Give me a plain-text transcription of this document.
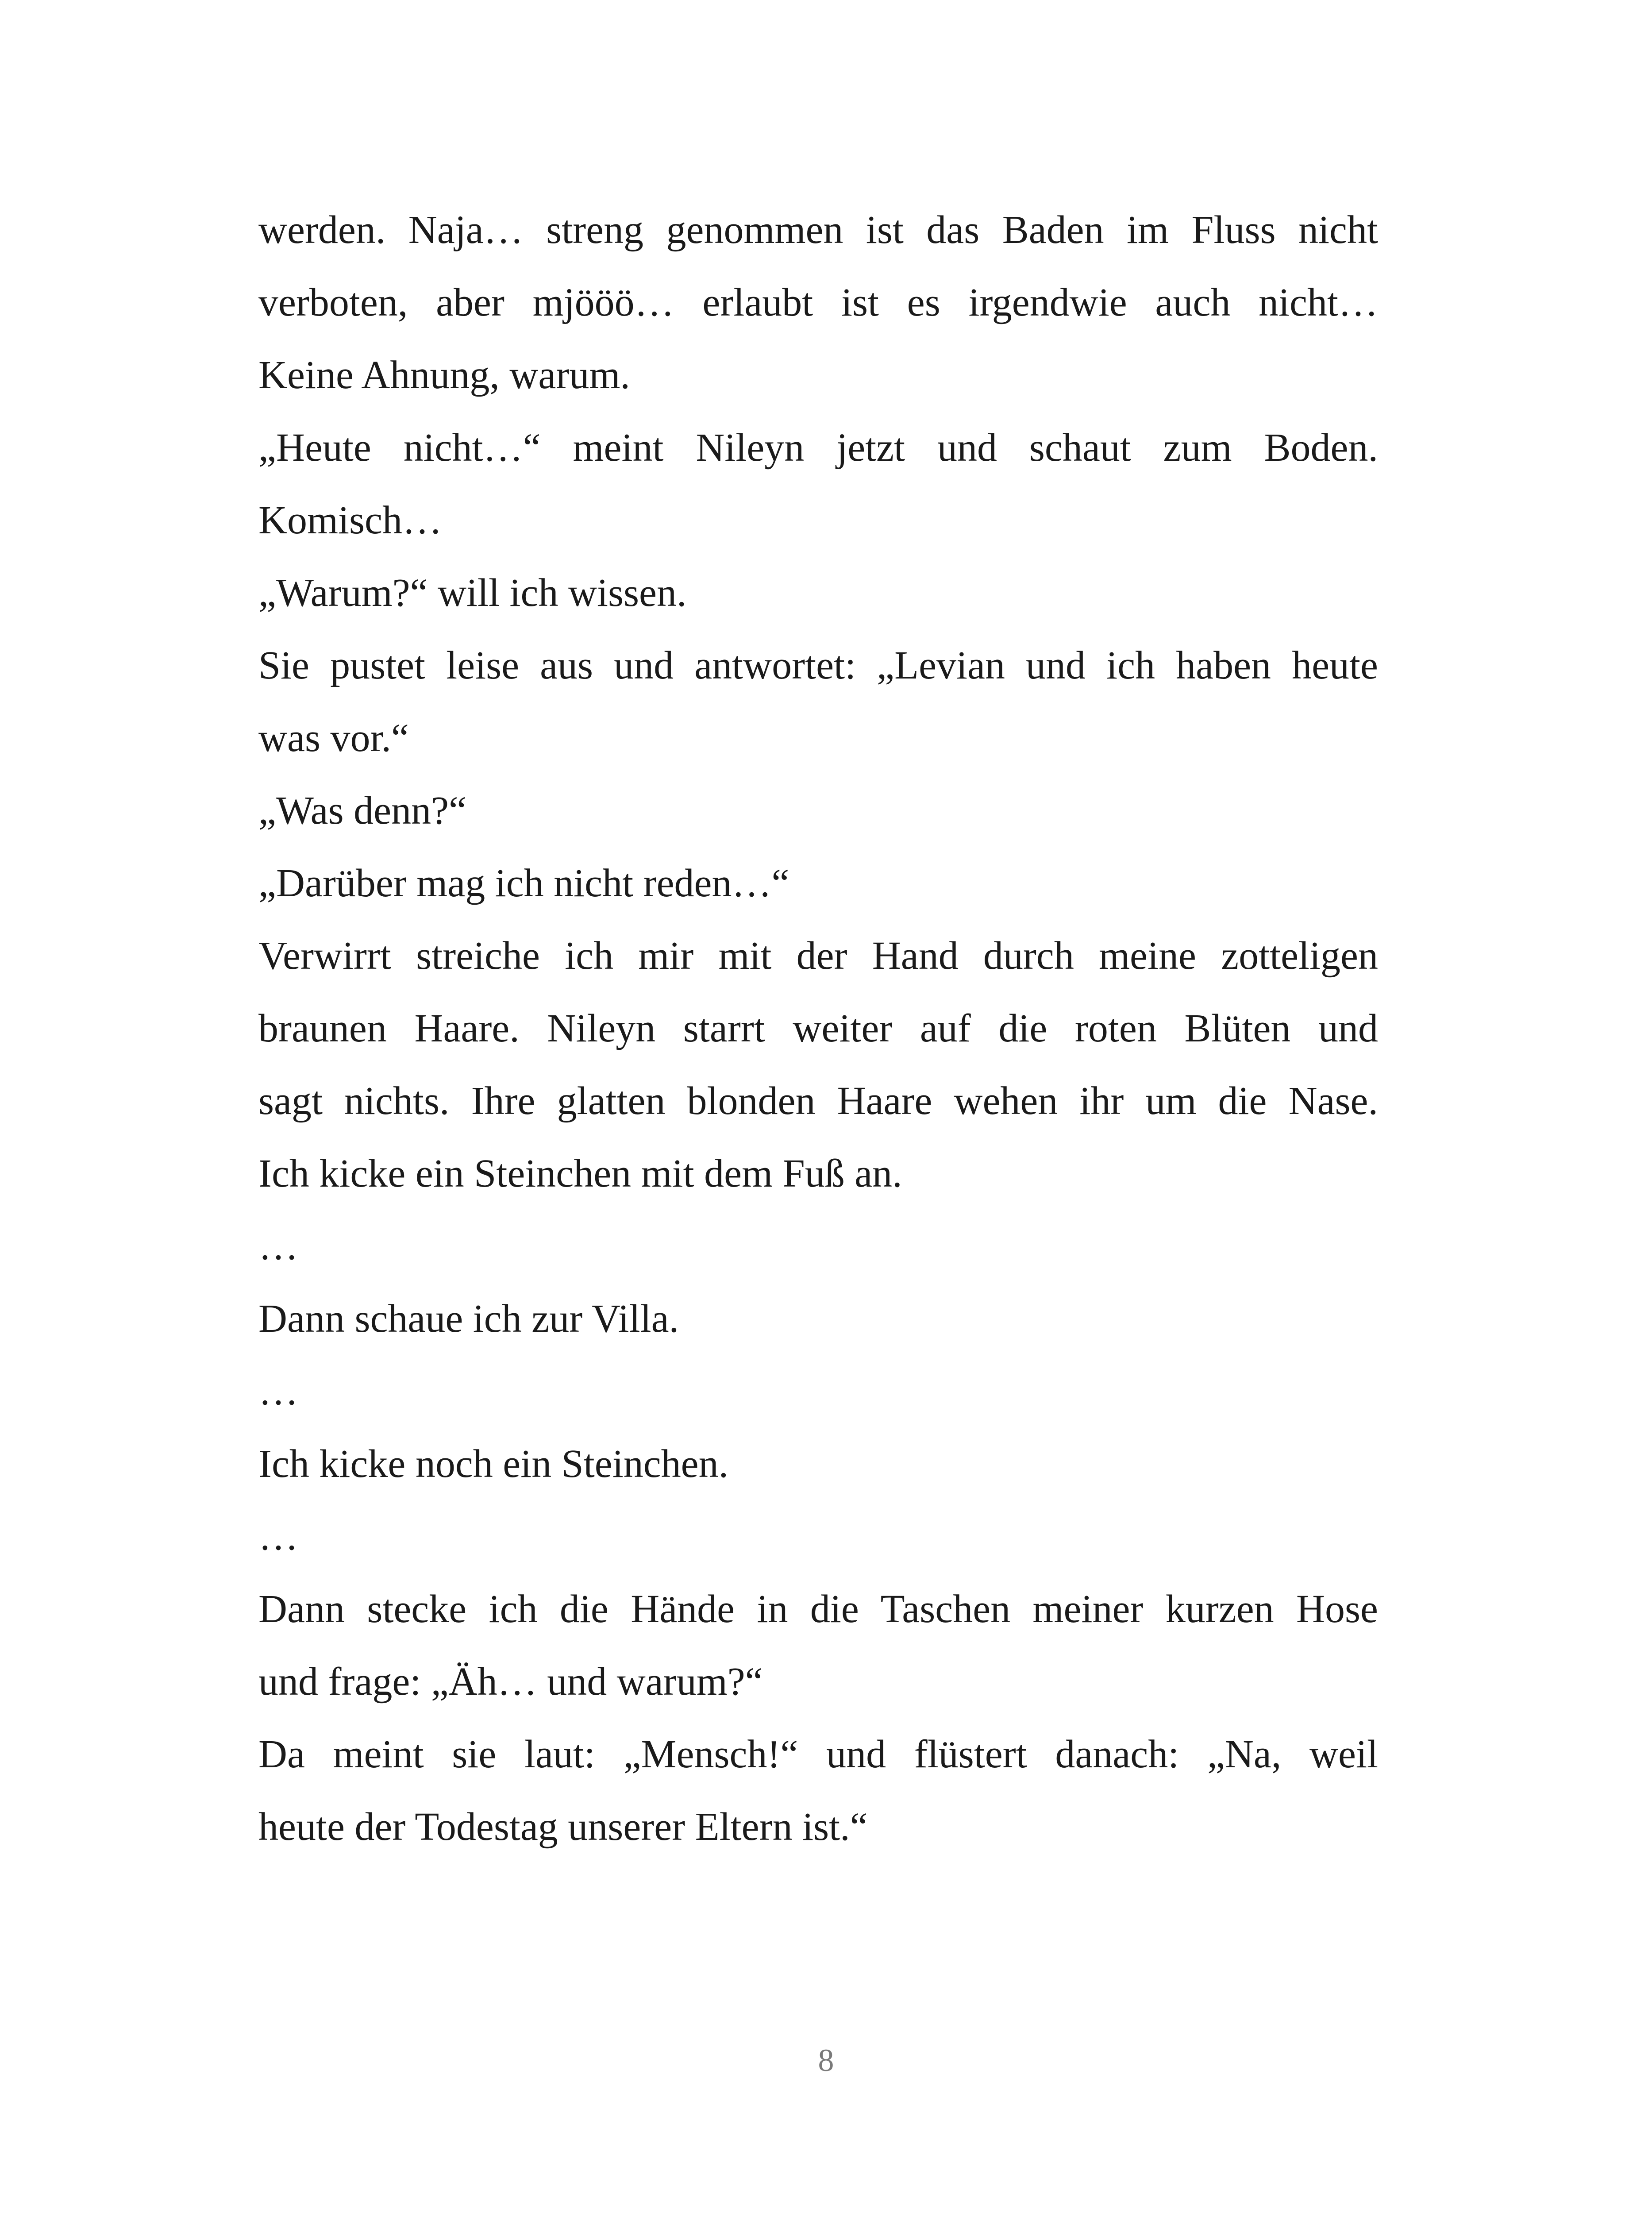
werden. Naja… streng genommen ist das Baden im Fluss nicht
verboten, aber mjööö… erlaubt ist es irgendwie auch nicht…
Keine Ahnung, warum.
„Heute nicht…“ meint Nileyn jetzt und schaut zum Boden.
Komisch…
„Warum?“ will ich wissen.
Sie pustet leise aus und antwortet: „Levian und ich haben heute
was vor.“
„Was denn?“
„Darüber mag ich nicht reden…“
Verwirrt streiche ich mir mit der Hand durch meine zotteligen
braunen Haare. Nileyn starrt weiter auf die roten Blüten und
sagt nichts. Ihre glatten blonden Haare wehen ihr um die Nase.
Ich kicke ein Steinchen mit dem Fuß an.
…
Dann schaue ich zur Villa.
…
Ich kicke noch ein Steinchen.
…
Dann stecke ich die Hände in die Taschen meiner kurzen Hose
und frage: „Äh… und warum?“
Da meint sie laut: „Mensch!“ und flüstert danach: „Na, weil
heute der Todestag unserer Eltern ist.“
8
